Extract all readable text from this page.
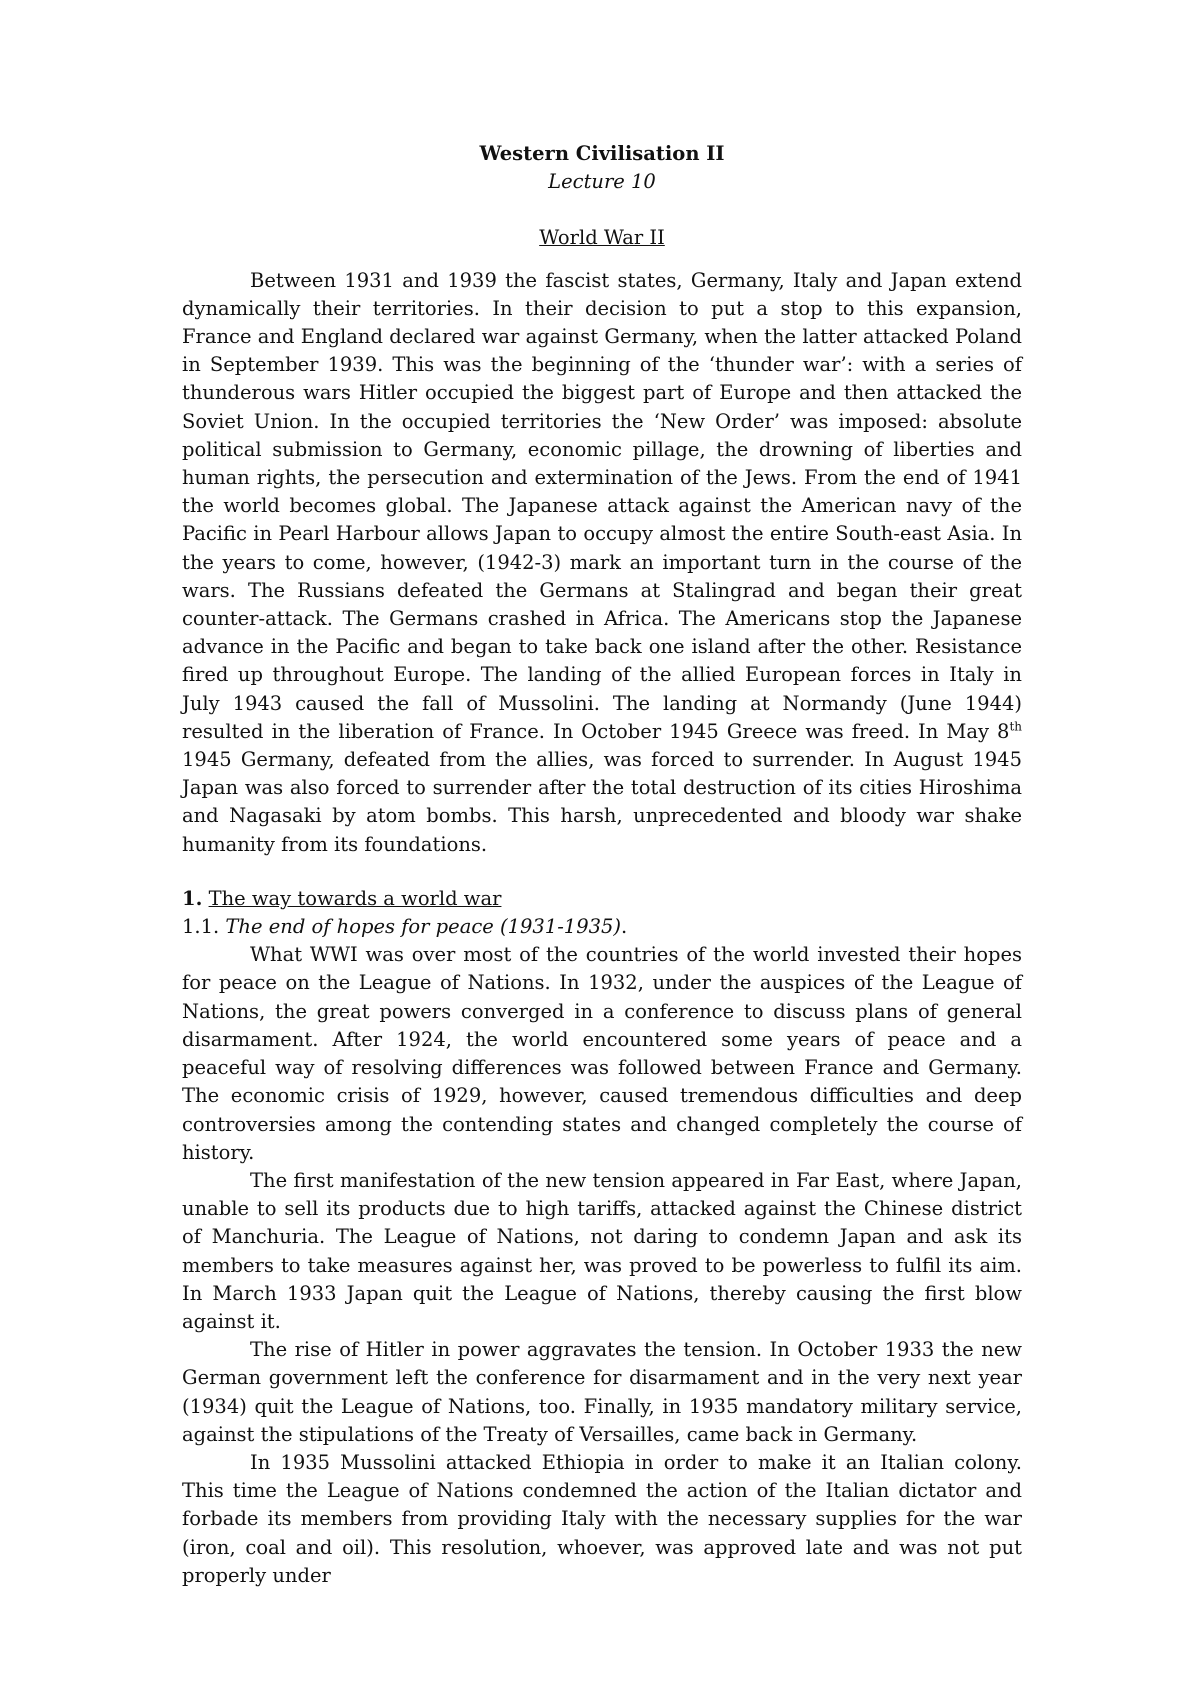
Western Civilisation II

Lecture 10

World War II

Between 1931 and 1939 the fascist states, Germany, Italy and Japan extend dynamically their territories. In their decision to put a stop to this expansion, France and England declared war against Germany, when the latter attacked Poland in September 1939. This was the beginning of the ‘thunder war’: with a series of thunderous wars Hitler occupied the biggest part of Europe and then attacked the Soviet Union. In the occupied territories the ‘New Order’ was imposed: absolute political submission to Germany, economic pillage, the drowning of liberties and human rights, the persecution and extermination of the Jews. From the end of 1941 the world becomes global. The Japanese attack against the American navy of the Pacific in Pearl Harbour allows Japan to occupy almost the entire South-east Asia. In the years to come, however, (1942-3) mark an important turn in the course of the wars. The Russians defeated the Germans at Stalingrad and began their great counter-attack. The Germans crashed in Africa. The Americans stop the Japanese advance in the Pacific and began to take back one island after the other. Resistance fired up throughout Europe. The landing of the allied European forces in Italy in July 1943 caused the fall of Mussolini. The landing at Normandy (June 1944) resulted in the liberation of France. In October 1945 Greece was freed. In May 8th 1945 Germany, defeated from the allies, was forced to surrender. In August 1945 Japan was also forced to surrender after the total destruction of its cities Hiroshima and Nagasaki by atom bombs. This harsh, unprecedented and bloody war shake humanity from its foundations.

1. The way towards a world war

1.1. The end of hopes for peace (1931-1935).

What WWI was over most of the countries of the world invested their hopes for peace on the League of Nations. In 1932, under the auspices of the League of Nations, the great powers converged in a conference to discuss plans of general disarmament. After 1924, the world encountered some years of peace and a peaceful way of resolving differences was followed between France and Germany. The economic crisis of 1929, however, caused tremendous difficulties and deep controversies among the contending states and changed completely the course of history.

The first manifestation of the new tension appeared in Far East, where Japan, unable to sell its products due to high tariffs, attacked against the Chinese district of Manchuria. The League of Nations, not daring to condemn Japan and ask its members to take measures against her, was proved to be powerless to fulfil its aim. In March 1933 Japan quit the League of Nations, thereby causing the first blow against it.

The rise of Hitler in power aggravates the tension. In October 1933 the new German government left the conference for disarmament and in the very next year (1934) quit the League of Nations, too. Finally, in 1935 mandatory military service, against the stipulations of the Treaty of Versailles, came back in Germany.

In 1935 Mussolini attacked Ethiopia in order to make it an Italian colony. This time the League of Nations condemned the action of the Italian dictator and forbade its members from providing Italy with the necessary supplies for the war (iron, coal and oil). This resolution, whoever, was approved late and was not put properly under
